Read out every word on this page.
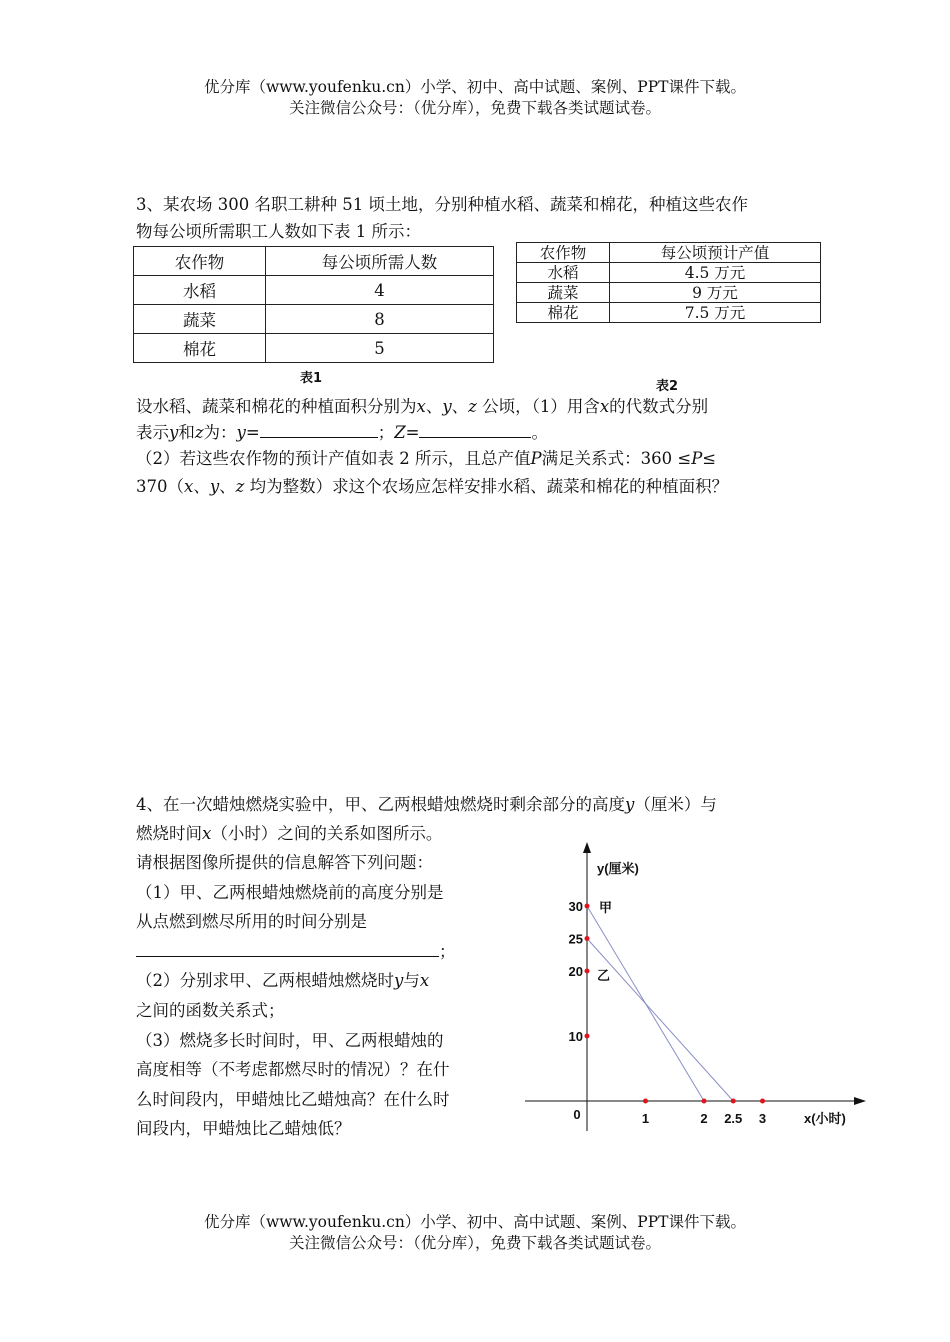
优分库（www.youfenku.cn）小学、初中、高中试题、案例、PPT课件下载。
关注微信公众号：（优分库），免费下载各类试题试卷。
3、某农场 300 名职工耕种 51 顷土地，分别种植水稻、蔬菜和棉花，种植这些农作
物每公顷所需职工人数如下表 1 所示：
农作物	每公顷所需人数
水稻	4
蔬菜	8
棉花	5
表1
农作物	每公顷预计产值
水稻	4.5 万元
蔬菜	9 万元
棉花	7.5 万元
表2
设水稻、蔬菜和棉花的种植面积分别为x、y、z 公顷，（1）用含x的代数式分别
表示y和z为：y=	；Z=	。
（2）若这些农作物的预计产值如表 2 所示，且总产值P满足关系式：360 ≤P≤
370（x、y、z 均为整数）求这个农场应怎样安排水稻、蔬菜和棉花的种植面积？
4、在一次蜡烛燃烧实验中，甲、乙两根蜡烛燃烧时剩余部分的高度y（厘米）与
燃烧时间x（小时）之间的关系如图所示。
请根据图像所提供的信息解答下列问题：
（1）甲、乙两根蜡烛燃烧前的高度分别是
从点燃到燃尽所用的时间分别是
；
（2）分别求甲、乙两根蜡烛燃烧时y与x
之间的函数关系式；
（3）燃烧多长时间时，甲、乙两根蜡烛的
高度相等（不考虑都燃尽时的情况）？在什
么时间段内，甲蜡烛比乙蜡烛高？在什么时
间段内，甲蜡烛比乙蜡烛低？
10
20
25
30
1	2 2.5 3
0
y(厘米)
x(小时)
甲
乙
优分库（www.youfenku.cn）小学、初中、高中试题、案例、PPT课件下载。
关注微信公众号：（优分库），免费下载各类试题试卷。
